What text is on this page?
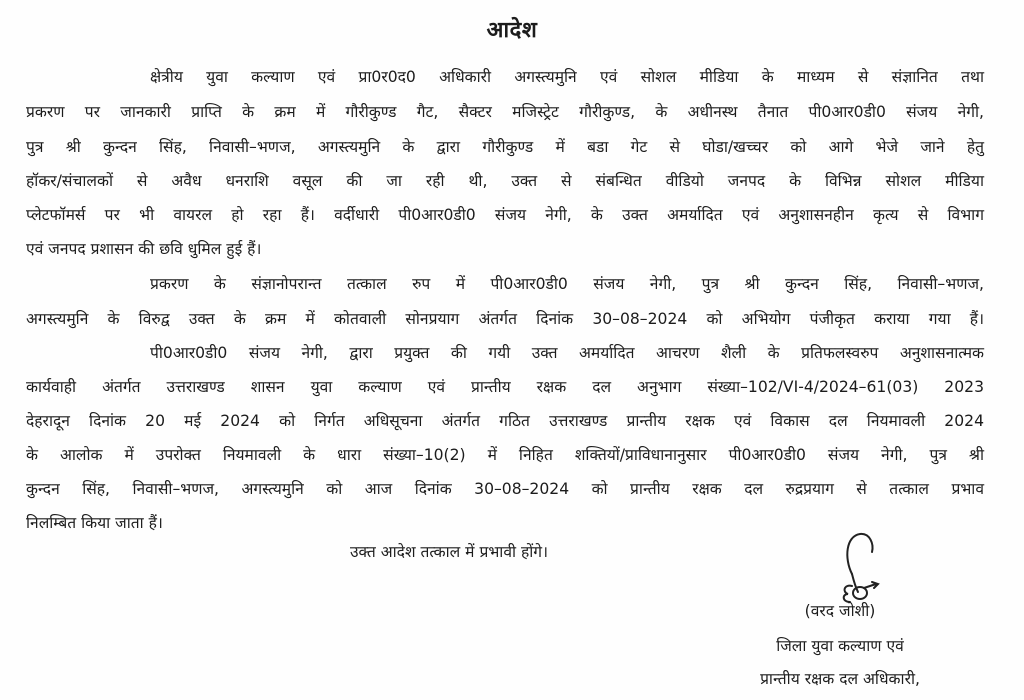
आदेश
क्षेत्रीय युवा कल्याण एवं प्रा0र0द0 अधिकारी अगस्त्यमुनि एवं सोशल मीडिया के माध्यम से संज्ञानित तथा
प्रकरण पर जानकारी प्राप्ति के क्रम में गौरीकुण्ड गैट, सैक्टर मजिस्ट्रेट गौरीकुण्ड, के अधीनस्थ तैनात पी0आर0डी0 संजय नेगी,
पुत्र श्री कुन्दन सिंह, निवासी–भणज, अगस्त्यमुनि के द्वारा गौरीकुण्ड में बडा गेट से घोडा/खच्चर को आगे भेजे जाने हेतु
हॉकर/संचालकों से अवैध धनराशि वसूल की जा रही थी, उक्त से संबन्धित वीडियो जनपद के विभिन्न सोशल मीडिया
प्लेटफॉमर्स पर भी वायरल हो रहा हैं। वर्दीधारी पी0आर0डी0 संजय नेगी, के उक्त अमर्यादित एवं अनुशासनहीन कृत्य से विभाग
एवं जनपद प्रशासन की छवि धुमिल हुई हैं।
प्रकरण के संज्ञानोपरान्त तत्काल रुप में पी0आर0डी0 संजय नेगी, पुत्र श्री कुन्दन सिंह, निवासी–भणज,
अगस्त्यमुनि के विरुद्व उक्त के क्रम में कोतवाली सोनप्रयाग अंतर्गत दिनांक 30–08–2024 को अभियोग पंजीकृत कराया गया हैं।
पी0आर0डी0 संजय नेगी, द्वारा प्रयुक्त की गयी उक्त अमर्यादित आचरण शैली के प्रतिफलस्वरुप अनुशासनात्मक
कार्यवाही अंतर्गत उत्तराखण्ड शासन युवा कल्याण एवं प्रान्तीय रक्षक दल अनुभाग संख्या–102/VI-4/2024–61(03) 2023
देहरादून दिनांक 20 मई 2024 को निर्गत अधिसूचना अंतर्गत गठित उत्तराखण्ड प्रान्तीय रक्षक एवं विकास दल नियमावली 2024
के आलोक में उपरोक्त नियमावली के धारा संख्या–10(2) में निहित शक्तियों/प्राविधानानुसार पी0आर0डी0 संजय नेगी, पुत्र श्री
कुन्दन सिंह, निवासी–भणज, अगस्त्यमुनि को आज दिनांक 30–08–2024 को प्रान्तीय रक्षक दल रुद्रप्रयाग से तत्काल प्रभाव
निलम्बित किया जाता हैं।
उक्त आदेश तत्काल में प्रभावी होंगे।
(वरद जोशी)
जिला युवा कल्याण एवं
प्रान्तीय रक्षक दल अधिकारी,
